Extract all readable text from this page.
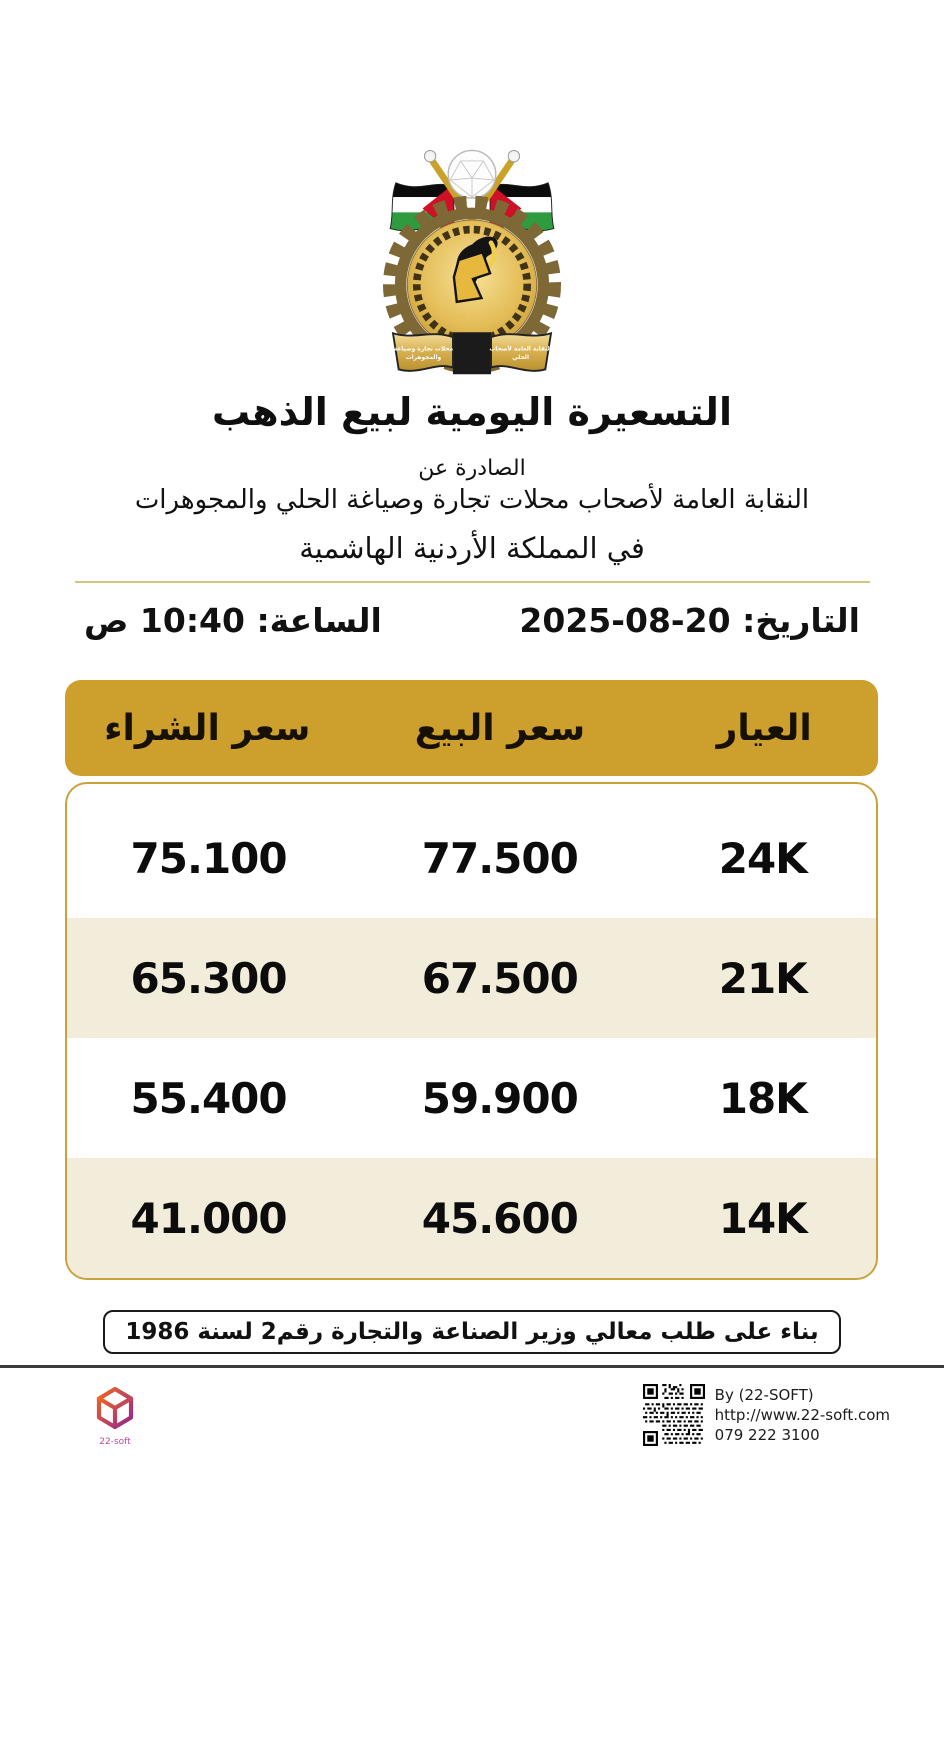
تأسست 1972
محلات تجارة وصياغة
والمجوهرات
النقابة العامة لأصحاب
الحلي
التسعيرة اليومية لبيع الذهب
الصادرة عن
النقابة العامة لأصحاب محلات تجارة وصياغة الحلي والمجوهرات
في المملكة الأردنية الهاشمية
التاريخ: 20-08-2025
الساعة: 10:40 ص
العيار
سعر البيع
سعر الشراء
24K
77.500
75.100
21K
67.500
65.300
18K
59.900
55.400
14K
45.600
41.000
بناء على طلب معالي وزير الصناعة والتجارة رقم2 لسنة 1986
22-soft
By (22-SOFT)
http://www.22-soft.com
079 222 3100
